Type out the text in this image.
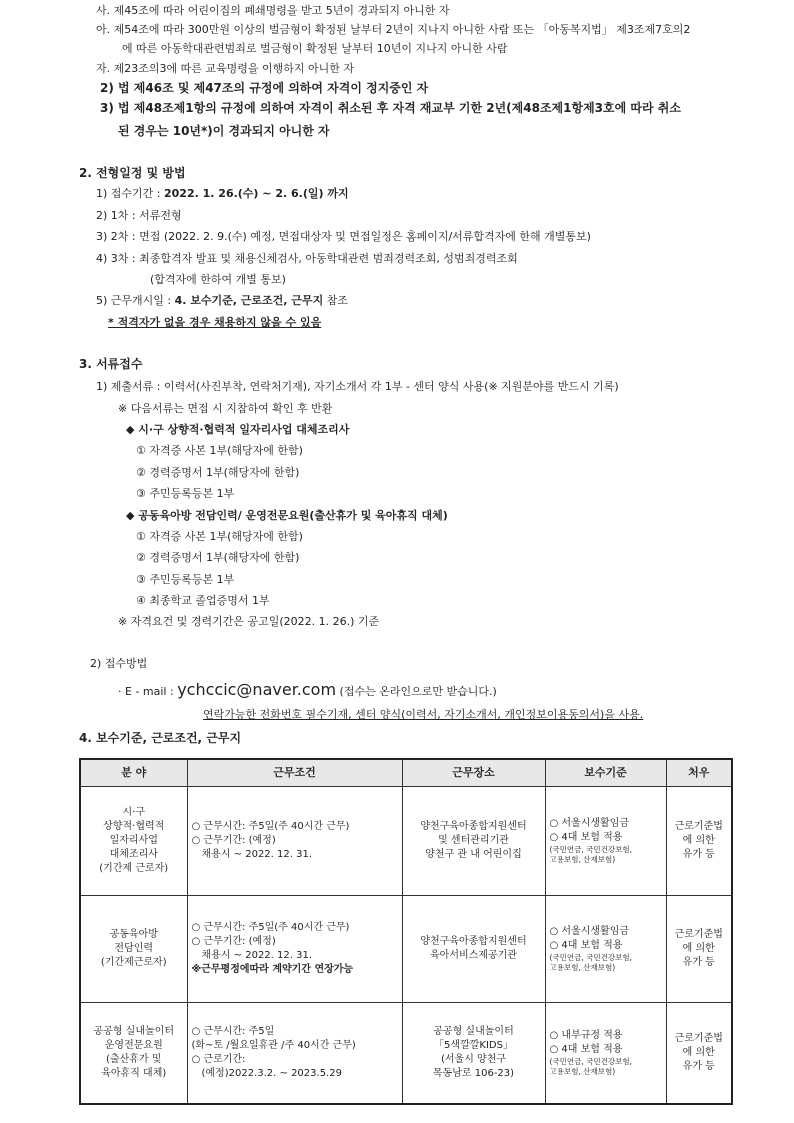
사. 제45조에 따라 어린이집의 폐쇄명령을 받고 5년이 경과되지 아니한 자
아. 제54조에 따라 300만원 이상의 벌금형이 확정된 날부터 2년이 지나지 아니한 사람 또는 「아동복지법」 제3조제7호의2
에 따른 아동학대관련범죄로 벌금형이 확정된 날부터 10년이 지나지 아니한 사람
자. 제23조의3에 따른 교육명령을 이행하지 아니한 자
2) 법 제46조 및 제47조의 규정에 의하여 자격이 정지중인 자
3) 법 제48조제1항의 규정에 의하여 자격이 취소된 후 자격 재교부 기한 2년(제48조제1항제3호에 따라 취소
된 경우는 10년*)이 경과되지 아니한 자
2. 전형일정 및 방법
1) 접수기간 : 2022. 1. 26.(수) ~ 2. 6.(일) 까지
2) 1차 : 서류전형
3) 2차 : 면접 (2022. 2. 9.(수) 예정, 면접대상자 및 면접일정은 홈페이지/서류합격자에 한해 개별통보)
4) 3차 : 최종합격자 발표 및 채용신체검사, 아동학대관련 범죄경력조회, 성범죄경력조회
(합격자에 한하여 개별 통보)
5) 근무개시일 : 4. 보수기준, 근로조건, 근무지 참조
* 적격자가 없을 경우 채용하지 않을 수 있음
3. 서류접수
1) 제출서류 : 이력서(사진부착, 연락처기재), 자기소개서 각 1부 - 센터 양식 사용(※ 지원분야를 반드시 기록)
※ 다음서류는 면접 시 지참하여 확인 후 반환
◆ 시·구 상향적·협력적 일자리사업 대체조리사
① 자격증 사본 1부(해당자에 한함)
② 경력증명서 1부(해당자에 한함)
③ 주민등록등본 1부
◆ 공동육아방 전담인력/ 운영전문요원(출산휴가 및 육아휴직 대체)
① 자격증 사본 1부(해당자에 한함)
② 경력증명서 1부(해당자에 한함)
③ 주민등록등본 1부
④ 최종학교 졸업증명서 1부
※ 자격요건 및 경력기간은 공고일(2022. 1. 26.) 기준
2) 접수방법
· E - mail : ychccic@naver.com (접수는 온라인으로만 받습니다.)
연락가능한 전화번호 필수기재, 센터 양식(이력서, 자기소개서, 개인정보이용동의서)을 사용.
4. 보수기준, 근로조건, 근무지
분 야	근무조건	근무장소	보수기준	처우

시·구
상향적·협력적
일자리사업
대체조리사
(기간제 근로자)	○ 근무시간: 주5일(주 40시간 근무)
○ 근무기간: (예정)
채용시 ~ 2022. 12. 31.	양천구육아종합지원센터
및 센터관리기관
양천구 관 내 어린이집	○ 서울시생활임금
○ 4대 보험 적용
(국민연금, 국민건강보험,
고용보험, 산재보험)	근로기준법
에 의한
유가 등

공동육아방
전담인력
(기간제근로자)	○ 근무시간: 주5일(주 40시간 근무)
○ 근무기간: (예정)
채용시 ~ 2022. 12. 31.
※근무평정에따라 계약기간 연장가능	양천구육아종합지원센터
육아서비스제공기관	○ 서울시생활임금
○ 4대 보험 적용
(국민연금, 국민건강보험,
고용보험, 산재보험)	근로기준법
에 의한
유가 등

공공형 실내놀이터
운영전문요원
(출산휴가 및
육아휴직 대체)	○ 근무시간: 주5일
(화~토 /월요일휴관 /주 40시간 근무)
○ 근로기간:
(예정)2022.3.2. ~ 2023.5.29	공공형 실내놀이터
「5색깔깔KIDS」
(서울시 양천구
목동남로 106-23)	○ 내부규정 적용
○ 4대 보험 적용
(국민연금, 국민건강보험,
고용보험, 산재보험)	근로기준법
에 의한
유가 등
